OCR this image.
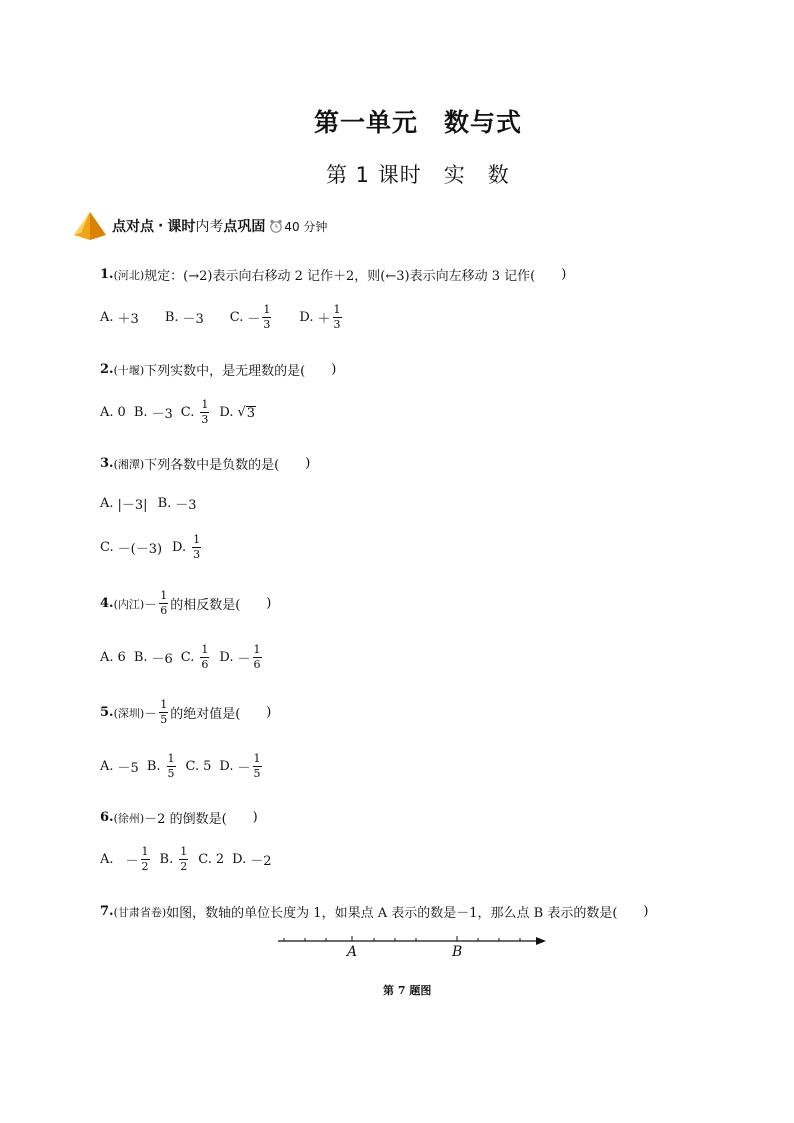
第一单元　数与式
第 1 课时　实　数
点对点 · 课时 内 考 点巩固 40 分钟
1. (河北) 规定：(→2)表示向右移动 2 记作＋2，则(←3)表示向左移动 3 记作( )
A. ＋3 B. －3 C. － $\frac{1}{3} D$. ＋ $\frac{1}{3}$
2. (十堰) 下列实数中，是无理数的是( )
A. 0 B. －3 C. $\frac{1}{3} D$. √ 3
3. (湘潭) 下列各数中是负数的是( )
A. |－3| B. －3
C. －(－3) D. $\frac{1}{3}$
4. (内江) － $\frac{1}{6}$ 的相反数是( )
A. 6 B. －6 C. $\frac{1}{6} D$. － $\frac{1}{6}$
5. (深圳) － $\frac{1}{5}$ 的绝对值是( )
A. －5 B. $\frac{1}{5} C$. 5 D. － $\frac{1}{5}$
6. (徐州) －2 的倒数是( )
A. － $\frac{1}{2} B$. $\frac{1}{2} C$. 2 D. －2
7. (甘肃省卷) 如图，数轴的单位长度为 1，如果点 A 表示的数是－1，那么点 B 表示的数是( )
A	B
第 7 题图
